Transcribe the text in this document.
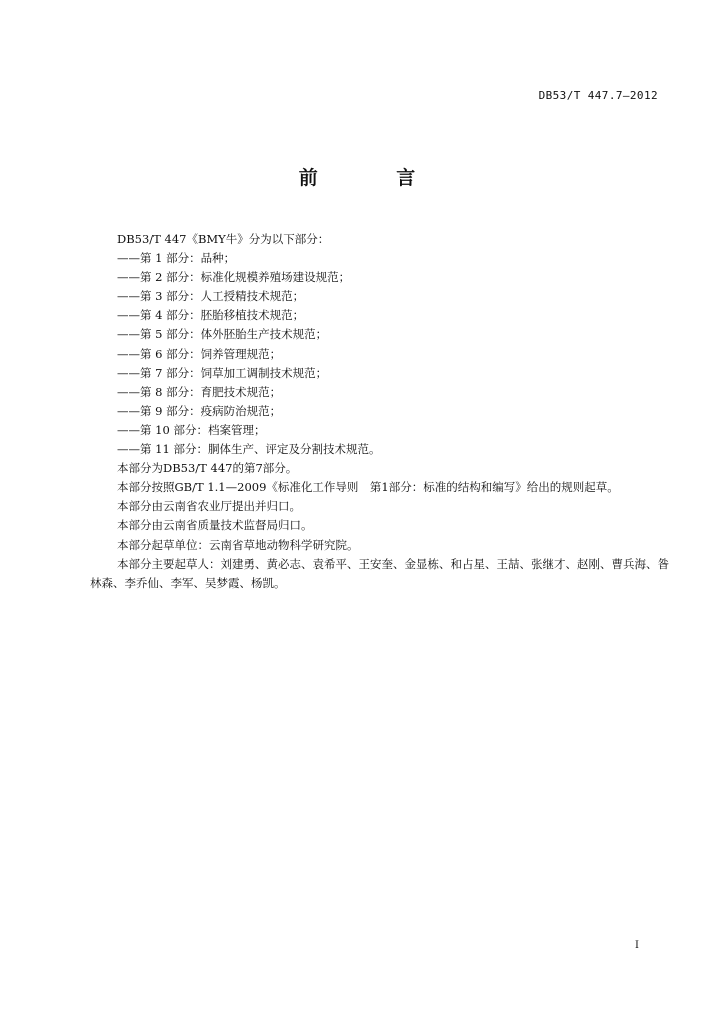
DB53/T 447.7—2012
前 言
DB53/T 447《BMY牛》分为以下部分：
——第 1 部分：品种；
——第 2 部分：标准化规模养殖场建设规范；
——第 3 部分：人工授精技术规范；
——第 4 部分：胚胎移植技术规范；
——第 5 部分：体外胚胎生产技术规范；
——第 6 部分：饲养管理规范；
——第 7 部分：饲草加工调制技术规范；
——第 8 部分：育肥技术规范；
——第 9 部分：疫病防治规范；
——第 10 部分：档案管理；
——第 11 部分：胴体生产、评定及分割技术规范。
本部分为DB53/T 447的第7部分。
本部分按照GB/T 1.1—2009《标准化工作导则　第1部分：标准的结构和编写》给出的规则起草。
本部分由云南省农业厅提出并归口。
本部分由云南省质量技术监督局归口。
本部分起草单位：云南省草地动物科学研究院。
本部分主要起草人：刘建勇、黄必志、袁希平、王安奎、金显栋、和占星、王喆、张继才、赵刚、曹兵海、昝林森、李乔仙、李军、吴梦霞、杨凯。
I
